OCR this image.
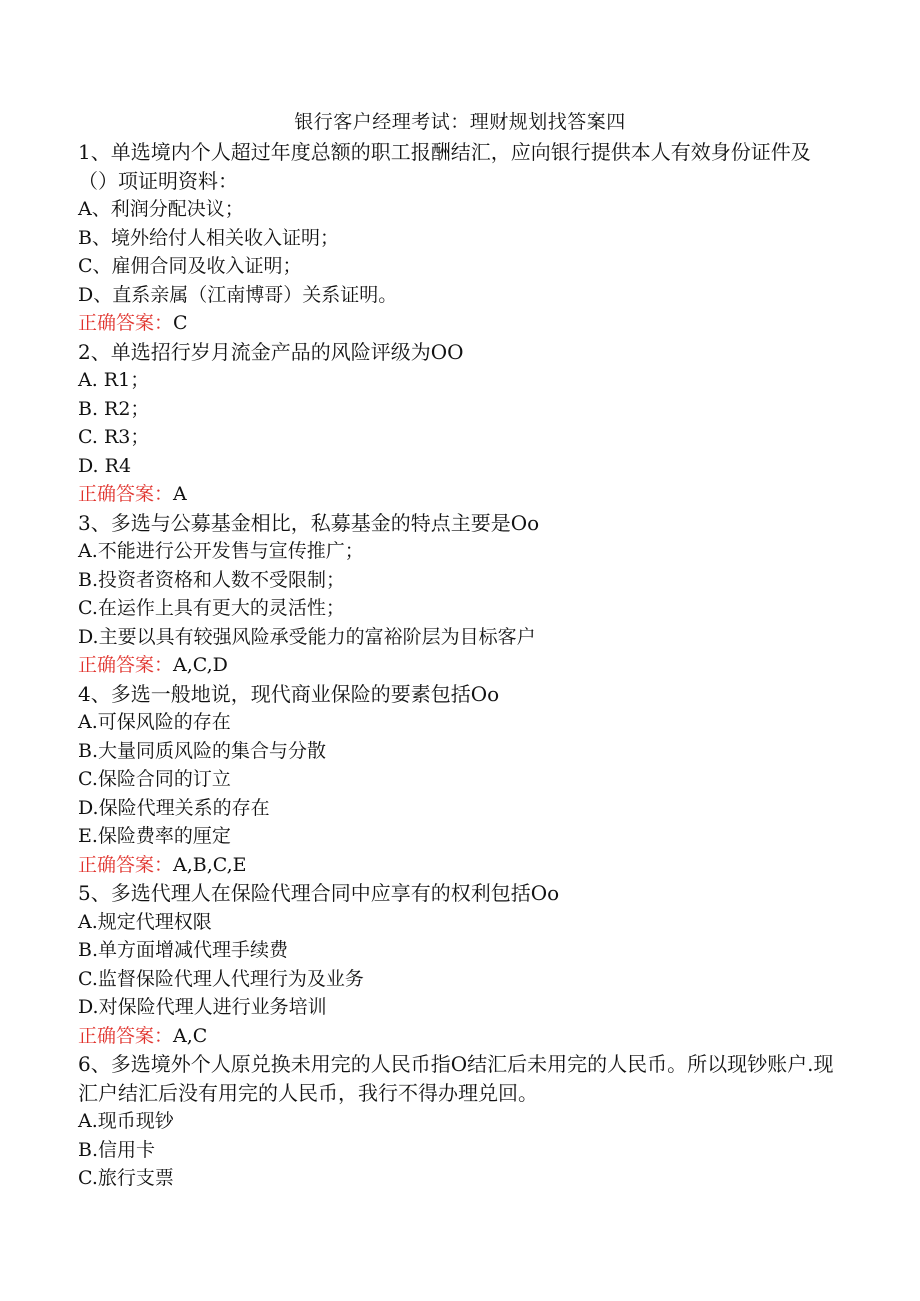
银行客户经理考试：理财规划找答案四
1、单选境内个人超过年度总额的职工报酬结汇，应向银行提供本人有效身份证件及（）项证明资料：
A、利润分配决议；
B、境外给付人相关收入证明；
C、雇佣合同及收入证明；
D、直系亲属（江南博哥）关系证明。
正确答案：C
2、单选招行岁月流金产品的风险评级为OO
A. R1；
B. R2；
C. R3；
D. R4
正确答案：A
3、多选与公募基金相比，私募基金的特点主要是Oo
A.不能进行公开发售与宣传推广；
B.投资者资格和人数不受限制；
C.在运作上具有更大的灵活性；
D.主要以具有较强风险承受能力的富裕阶层为目标客户
正确答案：A,C,D
4、多选一般地说，现代商业保险的要素包括Oo
A.可保风险的存在
B.大量同质风险的集合与分散
C.保险合同的订立
D.保险代理关系的存在
E.保险费率的厘定
正确答案：A,B,C,E
5、多选代理人在保险代理合同中应享有的权利包括Oo
A.规定代理权限
B.单方面增减代理手续费
C.监督保险代理人代理行为及业务
D.对保险代理人进行业务培训
正确答案：A,C
6、多选境外个人原兑换未用完的人民币指O结汇后未用完的人民币。所以现钞账户.现汇户结汇后没有用完的人民币，我行不得办理兑回。
A.现币现钞
B.信用卡
C.旅行支票
